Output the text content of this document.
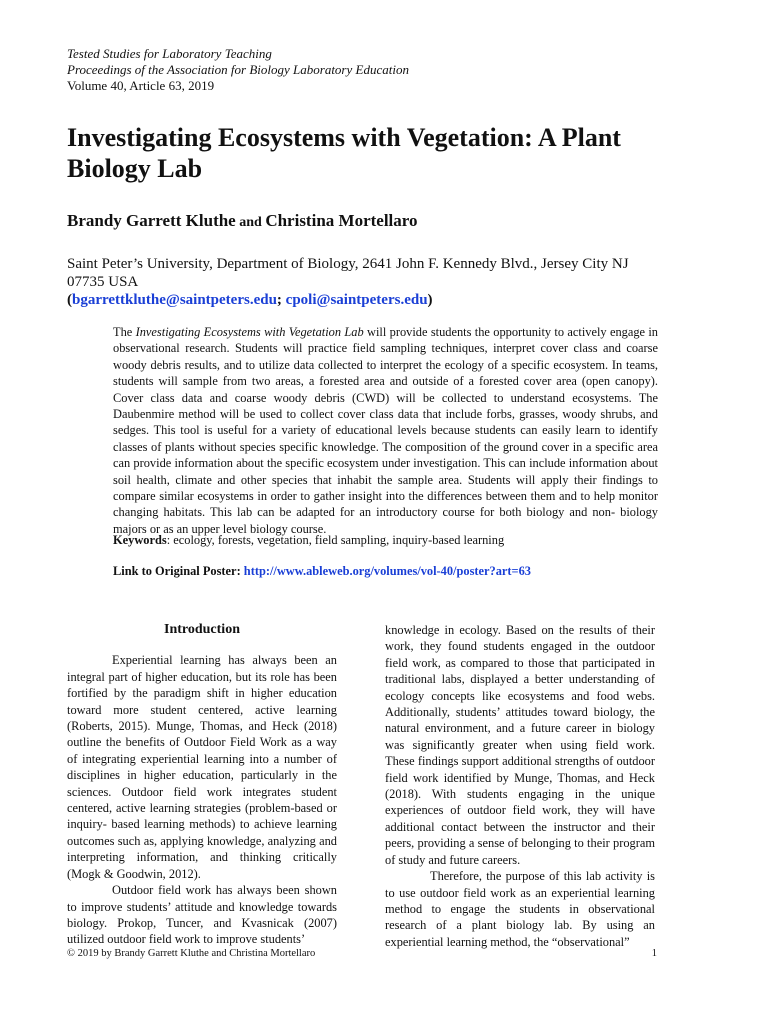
Tested Studies for Laboratory Teaching
Proceedings of the Association for Biology Laboratory Education
Volume 40, Article 63, 2019
Investigating Ecosystems with Vegetation: A Plant Biology Lab
Brandy Garrett Kluthe and Christina Mortellaro
Saint Peter’s University, Department of Biology, 2641 John F. Kennedy Blvd., Jersey City NJ 07735 USA
(bgarrettkluthe@saintpeters.edu; cpoli@saintpeters.edu)
The Investigating Ecosystems with Vegetation Lab will provide students the opportunity to actively engage in observational research. Students will practice field sampling techniques, interpret cover class and coarse woody debris results, and to utilize data collected to interpret the ecology of a specific ecosystem. In teams, students will sample from two areas, a forested area and outside of a forested cover area (open canopy). Cover class data and coarse woody debris (CWD) will be collected to understand ecosystems. The Daubenmire method will be used to collect cover class data that include forbs, grasses, woody shrubs, and sedges. This tool is useful for a variety of educational levels because students can easily learn to identify classes of plants without species specific knowledge. The composition of the ground cover in a specific area can provide information about the specific ecosystem under investigation. This can include information about soil health, climate and other species that inhabit the sample area. Students will apply their findings to compare similar ecosystems in order to gather insight into the differences between them and to help monitor changing habitats. This lab can be adapted for an introductory course for both biology and non- biology majors or as an upper level biology course.
Keywords: ecology, forests, vegetation, field sampling, inquiry-based learning
Link to Original Poster: http://www.ableweb.org/volumes/vol-40/poster?art=63
Introduction

Experiential learning has always been an integral part of higher education, but its role has been fortified by the paradigm shift in higher education toward more student centered, active learning (Roberts, 2015). Munge, Thomas, and Heck (2018) outline the benefits of Outdoor Field Work as a way of integrating experiential learning into a number of disciplines in higher education, particularly in the sciences. Outdoor field work integrates student centered, active learning strategies (problem-based or inquiry- based learning methods) to achieve learning outcomes such as, applying knowledge, analyzing and interpreting information, and thinking critically (Mogk & Goodwin, 2012).

Outdoor field work has always been shown to improve students’ attitude and knowledge towards biology. Prokop, Tuncer, and Kvasnicak (2007) utilized outdoor field work to improve students’

knowledge in ecology. Based on the results of their work, they found students engaged in the outdoor field work, as compared to those that participated in traditional labs, displayed a better understanding of ecology concepts like ecosystems and food webs. Additionally, students’ attitudes toward biology, the natural environment, and a future career in biology was significantly greater when using field work. These findings support additional strengths of outdoor field work identified by Munge, Thomas, and Heck (2018). With students engaging in the unique experiences of outdoor field work, they will have additional contact between the instructor and their peers, providing a sense of belonging to their program of study and future careers.

Therefore, the purpose of this lab activity is to use outdoor field work as an experiential learning method to engage the students in observational research of a plant biology lab. By using an experiential learning method, the “observational”

© 2019 by Brandy Garrett Kluthe and Christina Mortellaro	1
